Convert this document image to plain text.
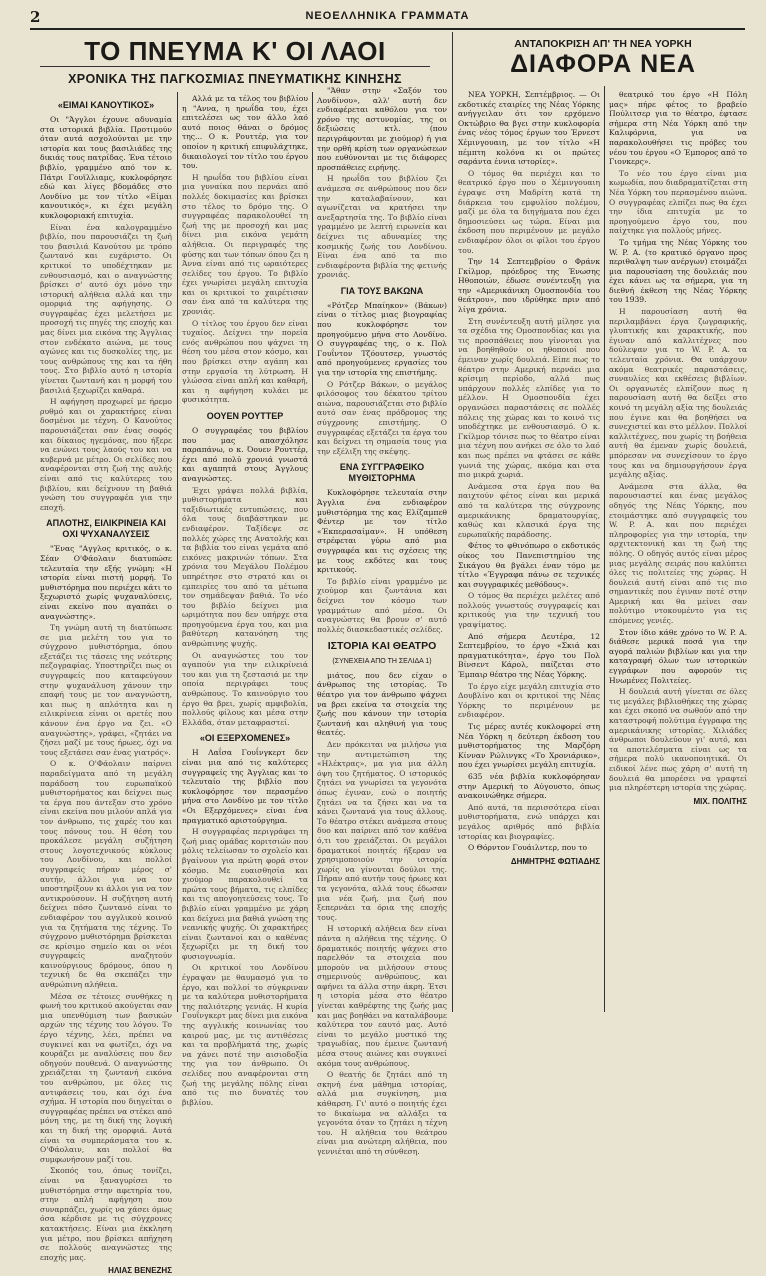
2	ΝΕΟΕΛΛΗΝΙΚΑ ΓΡΑΜΜΑΤΑ
ΤΟ ΠΝΕΥΜΑ Κ' ΟΙ ΛΑΟΙ
ΧΡΟΝΙΚΑ ΤΗΣ ΠΑΓΚΟΣΜΙΑΣ ΠΝΕΥΜΑΤΙΚΗΣ ΚΙΝΗΣΗΣ
ΑΝΤΑΠΟΚΡΙΣΗ ΑΠ' ΤΗ ΝΕΑ ΥΟΡΚΗ
ΔΙΑΦΟΡΑ ΝΕΑ
«ΕΙΜΑΙ ΚΑΝΟΥΤΙΚΟΣ»

Οι "Άγγλοι έχουνε αδυναμία στα ιστορικά βιβλία. Προτιμούν όταν αυτά ασχολούνται με την ιστορία και τους βασιλιάδες της δικιάς τους πατρίδας. Ένα τέτοιο βιβλίο, γραμμένο από τον κ. Πάτρι Γουϊλλιαμς, κυκλοφόρησε εδώ και λίγες βδομάδες στο Λονδίνο με τον τίτλο «Είμαι κανουτικός», κι έχει μεγάλη κυκλοφοριακή επιτυχία.

Είναι ένα καλογραμμένο βιβλίο, που παρουσιάζει τη ζωή του βασιλιά Κανούτου με τρόπο ζωντανό και ευχάριστο. Οι κριτικοί το υποδέχτηκαν με ενθουσιασμό, και ο αναγνώστης βρίσκει σ' αυτό όχι μόνο την ιστορική αλήθεια αλλά και την ομορφιά της αφήγησης. Ο συγγραφέας έχει μελετήσει με προσοχή τις πηγές της εποχής και μας δίνει μια εικόνα της Άγγλιας στον ενδέκατο αιώνα, με τους αγώνες και τις δυσκολίες της, με τους ανθρώπους της και τα ήθη τους. Στο βιβλίο αυτό η ιστορία γίνεται ζωντανή και η μορφή του βασιλιά ξεχωρίζει καθαρά.

Η αφήγηση προχωρεί με ήρεμο ρυθμό και οι χαρακτήρες είναι δοσμένοι με τέχνη. Ο Κανούτος παρουσιάζεται σαν ένας σοφός και δίκαιος ηγεμόνας, που ήξερε να ενώνει τους λαούς του και να κυβερνά με μέτρο. Οι σελίδες που αναφέρονται στη ζωή της αυλής είναι από τις καλύτερες του βιβλίου, και δείχνουν τη βαθιά γνώση του συγγραφέα για την εποχή.

ΑΠΛΟΤΗΣ, ΕΙΛΙΚΡΙΝΕΙΑ ΚΑΙ ΟΧΙ ΨΥΧΑΝΑΛΥΣΕΙΣ

"Ένας "Αγγλος κριτικός, ο κ. Σέαν Ο'Φάολαιν διατυπώσε τελευταία την εξής γνώμη: «Η ιστορία είναι πιστή μορφή. Το μυθιστόρημα που περιέχει κάτι το ξεχωριστό χωρίς ψυχαναλύσεις, είναι εκείνο που αγαπάει ο αναγνώστης».

Τη γνώμη αυτή τη διατύπωσε σε μια μελέτη του για το σύγχρονο μυθιστόρημα, όπου εξετάζει τις τάσεις της νεότερης πεζογραφίας. Υποστηρίζει πως οι συγγραφείς που καταφεύγουν στην ψυχανάλυση χάνουν την επαφή τους με τον αναγνώστη, και πως η απλότητα και η ειλικρίνεια είναι οι αρετές που κάνουν ένα έργο να ζει. «Ο αναγνώστης», γράφει, «ζητάει να ζήσει μαζί με τους ήρωες, όχι να τους εξετάσει σαν ένας γιατρός».

Ο κ. Ο'Φάολαιν παίρνει παραδείγματα από τη μεγάλη παράδοση του ευρωπαϊκού μυθιστορήματος και δείχνει πως τα έργα που άντεξαν στο χρόνο είναι εκείνα που μιλούν απλά για τον άνθρωπο, τις χαρές του και τους πόνους του. Η θέση του προκάλεσε μεγάλη συζήτηση στους λογοτεχνικούς κύκλους του Λονδίνου, και πολλοί συγγραφείς πήραν μέρος σ' αυτήν, άλλοι για να τον υποστηρίξουν κι άλλοι για να τον αντικρούσουν. Η συζήτηση αυτή δείχνει πόσο ζωντανό είναι το ενδιαφέρον του αγγλικού κοινού για τα ζητήματα της τέχνης. Το σύγχρονο μυθιστόρημα βρίσκεται σε κρίσιμο σημείο και οι νέοι συγγραφείς αναζητούν καινούργιους δρόμους, όπου η τεχνική δε θα σκεπάζει την ανθρώπινη αλήθεια.

Μέσα σε τέτοιες συνθήκες η φωνή του κριτικού ακούγεται σαν μια υπενθύμιση των βασικών αρχών της τέχνης του λόγου. Το έργο τέχνης, λέει, πρέπει να συγκινεί και να φωτίζει, όχι να κουράζει με αναλύσεις που δεν οδηγούν πουθενά. Ο αναγνώστης χρειάζεται τη ζωντανή εικόνα του ανθρώπου, με όλες τις αντιφάσεις του, και όχι ένα σχήμα. Η ιστορία που διηγείται ο συγγραφέας πρέπει να στέκει από μόνη της, με τη δική της λογική και τη δική της ομορφιά. Αυτά είναι τα συμπεράσματα του κ. Ο'Φάολαιν, και πολλοί θα συμφωνήσουν μαζί του.

Σκοπός του, όπως τονίζει, είναι να ξαναγυρίσει το μυθιστόρημα στην αφετηρία του, στην απλή αφήγηση που συναρπάζει, χωρίς να χάσει όμως όσα κέρδισε με τις σύγχρονες κατακτήσεις. Είναι μια έκκληση για μέτρο, που βρίσκει απήχηση σε πολλούς αναγνώστες της εποχής μας.

ΗΛΙΑΣ ΒΕΝΕΖΗΣ

Αλλά με τα τέλος του βιβλίου η "Αννα, η ηρωΐδα του, έχει επιτελέσει ως τον άλλο λαό αυτό ποιος θάναι ο δρόμος της... Ο κ. Ρουττέρ, για τον οποίον η κριτική επιφυλάχτηκε, δικαιολογεί τον τίτλο του έργου του.

Η ηρωΐδα του βιβλίου είναι μια γυναίκα που περνάει από πολλές δοκιμασίες και βρίσκει στο τέλος το δρόμο της. Ο συγγραφέας παρακολουθεί τη ζωή της με προσοχή και μας δίνει μια εικόνα γεμάτη αλήθεια. Οι περιγραφές της φύσης και των τόπων όπου ζει η Άννα είναι από τις ωραιότερες σελίδες του έργου. Το βιβλίο έχει γνωρίσει μεγάλη επιτυχία και οι κριτικοί το χαιρέτισαν σαν ένα από τα καλύτερα της χρονιάς.

Ο τίτλος του έργου δεν είναι τυχαίος. Δείχνει την πορεία ενός ανθρώπου που ψάχνει τη θέση του μέσα στον κόσμο, και που βρίσκει στην αγάπη και στην εργασία τη λύτρωση. Η γλώσσα είναι απλή και καθαρή, και η αφήγηση κυλάει με φυσικότητα.

ΟΟΥΕΝ ΡΟΥΤΤΕΡ

Ο συγγραφέας του βιβλίου που μας απασχόλησε παραπάνω, ο κ. Όουεν Ρουττέρ, έχει από πολύ χρονιά γνωστά και αγαπητά στους Άγγλους αναγνώστες.

Έχει γράψει πολλά βιβλία, μυθιστορήματα και ταξιδιωτικές εντυπώσεις, που όλα τους διαβάστηκαν με ενδιαφέρον. Ταξίδεψε σε πολλές χώρες της Ανατολής και τα βιβλία του είναι γεμάτα από εικόνες μακρινών τόπων. Στα χρόνια του Μεγάλου Πολέμου υπηρέτησε στο στρατό και οι εμπειρίες του από τα μέτωπα τον σημάδεψαν βαθιά. Το νέο του βιβλίο δείχνει μια ωριμότητα που δεν υπήρχε στα προηγούμενα έργα του, και μια βαθύτερη κατανόηση της ανθρώπινης ψυχής.

Οι αναγνώστες του τον αγαπούν για την ειλικρίνειά του και για τη ζεστασιά με την οποία περιγράφει τους ανθρώπους. Το καινούργιο του έργο θα βρει, χωρίς αμφιβολία, πολλούς φίλους και μέσα στην Ελλάδα, όταν μεταφραστεί.

«ΟΙ ΕΞΕΡΧΟΜΕΝΕΣ»

Η Λαΐσα Γουΐνγκερτ δεν είναι μια από τις καλύτερες συγγραφείς της Άγγλιας και το τελευταίο της βιβλίο που κυκλοφόρησε τον περασμένο μήνα στο Λονδίνο με τον τίτλο «Οι Εξερχόμενες» είναι ένα πραγματικό αριστούργημα.

Η συγγραφέας περιγράφει τη ζωή μιας ομάδας κοριτσιών που μόλις τελείωσαν το σχολείο και βγαίνουν για πρώτη φορά στον κόσμο. Με ευαισθησία και χιούμορ παρακολουθεί τα πρώτα τους βήματα, τις ελπίδες και τις απογοητεύσεις τους. Το βιβλίο είναι γραμμένο με χάρη και δείχνει μια βαθιά γνώση της νεανικής ψυχής. Οι χαρακτήρες είναι ζωντανοί και ο καθένας ξεχωρίζει με τη δική του φυσιογνωμία.

Οι κριτικοί του Λονδίνου έγραψαν με θαυμασμό για το έργο, και πολλοί το σύγκριναν με τα καλύτερα μυθιστορήματα της παλιότερης γενιάς. Η κυρία Γουΐνγκερτ μας δίνει μια εικόνα της αγγλικής κοινωνίας του καιρού μας, με τις αντιθέσεις και τα προβλήματά της, χωρίς να χάνει ποτέ την αισιοδοξία της για τον άνθρωπο. Οι σελίδες που αναφέρονται στη ζωή της μεγάλης πόλης είναι από τις πιο δυνατές του βιβλίου.

"Άθαν στην «Σαξόν του Λονδίνου», αλλ' αυτή δεν ενδιαφέρεται καθόλου για τον χρόνο της αστυνομίας, της οι δεξιώσεις κτλ. (που περιγράφονται με χιούμορ) ή για την ορθή κρίση των οργανώσεων που ευθύνονται με τις διάφορες προσπάθειες ειρήνης.

Η ηρωΐδα του βιβλίου ζει ανάμεσα σε ανθρώπους που δεν την καταλαβαίνουν, και αγωνίζεται να κρατήσει την ανεξαρτησία της. Το βιβλίο είναι γραμμένο με λεπτή ειρωνεία και δείχνει τις αδυναμίες της κοσμικής ζωής του Λονδίνου. Είναι ένα από τα πιο ενδιαφέροντα βιβλία της φετινής χρονιάς.

ΓΙΑ ΤΟΥΣ ΒΑΚΩΝΑ

«Ρότζερ Μπαίηκον» (Βάκων) είναι ο τίτλος μιας βιογραφίας που κυκλοφόρησε τον προηγούμενο μήνα στο Λονδίνο. Ο συγγραφέας της, ο κ. Πολ Γουΐντον Τζόουτσερ, γνωστός από προηγούμενες εργασίες του για την ιστορία της επιστήμης.

Ο Ρότζερ Βάκων, ο μεγάλος φιλόσοφος του δέκατου τρίτου αιώνα, παρουσιάζεται στο βιβλίο αυτό σαν ένας πρόδρομος της σύγχρονης επιστήμης. Ο συγγραφέας εξετάζει τα έργα του και δείχνει τη σημασία τους για την εξέλιξη της σκέψης.

ΕΝΑ ΣΥΓΓΡΑΦΕΙΚΟ ΜΥΘΙΣΤΟΡΗΜΑ

Κυκλοφόρησε τελευταία στην Άγγλια ένα ενδιαφέρον μυθιστόρημα της κας Ελίζαμπεθ Φέντερ με τον τίτλο «Έκπερασαίμαν». Η υπόθεση στρέφεται γύρω από μια συγγραφέα και τις σχέσεις της με τους εκδότες και τους κριτικούς.

Το βιβλίο είναι γραμμένο με χιούμορ και ζωντάνια και δείχνει τον κόσμο των γραμμάτων από μέσα. Οι αναγνώστες θα βρουν σ' αυτό πολλές διασκεδαστικές σελίδες.

ΙΣΤΟΡΙΑ ΚΑΙ ΘΕΑΤΡΟ
(ΣΥΝΕΧΕΙΑ ΑΠΟ ΤΗ ΣΕΛΙΔΑ 1)

μιάτος, που δεν είχαν ο άνθρωπος της ιστορίας. Το θέατρο για τον άνθρωπο ψάχνει να βρει εκείνα τα στοιχεία της ζωής που κάνουν την ιστορία ζωντανή και αληθινή για τους θεατές.

Δεν πρόκειται να μιλήσω για την αντιμετώπιση της «Ηλέκτρας», μα για μια άλλη όψη του ζητήματος. Ο ιστορικός ζητάει να γνωρίσει τα γεγονότα όπως έγιναν, ενώ ο ποιητής ζητάει να τα ζήσει και να τα κάνει ζωντανά για τους άλλους. Το θέατρο στέκει ανάμεσα στους δυο και παίρνει από τον καθένα ό,τι του χρειάζεται. Οι μεγάλοι δραματικοί ποιητές ήξεραν να χρησιμοποιούν την ιστορία χωρίς να γίνονται δούλοι της. Πήραν από αυτήν τους ήρωες και τα γεγονότα, αλλά τους έδωσαν μια νέα ζωή, μια ζωή που ξεπερνάει τα όρια της εποχής τους.

Η ιστορική αλήθεια δεν είναι πάντα η αλήθεια της τέχνης. Ο δραματικός ποιητής ψάχνει στο παρελθόν τα στοιχεία που μπορούν να μιλήσουν στους σημερινούς ανθρώπους, και αφήνει τα άλλα στην άκρη. Έτσι η ιστορία μέσα στο θέατρο γίνεται καθρέφτης της ζωής μας και μας βοηθάει να καταλάβουμε καλύτερα τον εαυτό μας. Αυτό είναι το μεγάλο μυστικό της τραγωδίας, που έμεινε ζωντανή μέσα στους αιώνες και συγκινεί ακόμα τους ανθρώπους.

Ο θεατής δε ζητάει από τη σκηνή ένα μάθημα ιστορίας, αλλά μια συγκίνηση, μια κάθαρση. Γι' αυτό ο ποιητής έχει το δικαίωμα να αλλάξει τα γεγονότα όταν το ζητάει η τέχνη του. Η αλήθεια του θεάτρου είναι μια ανώτερη αλήθεια, που γεννιέται από τη σύνθεση.

ΝΕΑ ΥΟΡΚΗ, Σεπτέμβριος. — Οι εκδοτικές εταιρίες της Νέας Υόρκης ανήγγειλαν ότι τον ερχόμενο Οκτώβριο θα βγει στην κυκλοφορία ένας νέος τόμος έργων του Έρνεστ Χέμινγουαιη, με τον τίτλο «Η πέμπτη κολόνα κι οι πρώτες σαράντα έννια ιστορίες».

Ο τόμος θα περιέχει και το θεατρικό έργο που ο Χέμινγουαιη έγραψε στη Μαδρίτη κατά τη διάρκεια του εμφυλίου πολέμου, μαζί με όλα τα διηγήματα που έχει δημοσιεύσει ως τώρα. Είναι μια έκδοση που περιμένουν με μεγάλο ενδιαφέρον όλοι οι φίλοι του έργου του.

Την 14 Σεπτεμβρίου ο Φράνκ Γκίλμορ, πρόεδρος της Ένωσης Ηθοποιών, έδωσε συνέντευξη για την «Αμερικάνικη Ομοσπονδία του θεάτρου», που ιδρύθηκε πριν από λίγα χρόνια.

Στη συνέντευξη αυτή μίλησε για τα σχέδια της Ομοσπονδίας και για τις προσπάθειες που γίνονται για να βοηθηθούν οι ηθοποιοί που έμειναν χωρίς δουλειά. Είπε πως το θέατρο στην Αμερική περνάει μια κρίσιμη περίοδο, αλλά πως υπάρχουν πολλές ελπίδες για το μέλλον. Η Ομοσπονδία έχει οργανώσει παραστάσεις σε πολλές πόλεις της χώρας και το κοινό τις υποδέχτηκε με ενθουσιασμό. Ο κ. Γκίλμορ τόνισε πως το θέατρο είναι μια τέχνη που ανήκει σε όλο το λαό και πως πρέπει να φτάσει σε κάθε γωνιά της χώρας, ακόμα και στα πιο μικρά χωριά.

Ανάμεσα στα έργα που θα παιχτούν φέτος είναι και μερικά από τα καλύτερα της σύγχρονης αμερικάνικης δραματουργίας, καθώς και κλασικά έργα της ευρωπαϊκής παράδοσης.

Φέτος το φθινόπωρο ο εκδοτικός οίκος του Πανεπιστημίου της Σικάγου θα βγάλει έναν τόμο με τίτλο «Έγγραφα πάνω σε τεχνικές και συγγραφικές μεθόδους».

Ο τόμος θα περιέχει μελέτες από πολλούς γνωστούς συγγραφείς και κριτικούς για την τεχνική του γραψίματος.

Από σήμερα Δευτέρα, 12 Σεπτεμβρίου, το έργο «Σκιά και πραγματικότητα», έργο του Πολ Βίνσεντ Κάρολ, παίζεται στο Έμπαιρ θέατρο της Νέας Υόρκης.

Το έργο είχε μεγάλη επιτυχία στο Δουβλίνο και οι κριτικοί της Νέας Υόρκης το περιμένουν με ενδιαφέρον.

Τις μέρες αυτές κυκλοφορεί στη Νέα Υόρκη η δεύτερη έκδοση του μυθιστορήματος της Μαρζόρη Κίνναν Ρώλινγκς «Το Χρονιάρικο», που έχει γνωρίσει μεγάλη επιτυχία.

635 νέα βιβλία κυκλοφόρησαν στην Αμερική το Αύγουστο, όπως ανακοινώθηκε σήμερα.

Από αυτά, τα περισσότερα είναι μυθιστορήματα, ενώ υπάρχει και μεγάλος αριθμός από βιβλία ιστορίας και βιογραφίες.

Ο Θόρντον Γουάιλντερ, που το

ΔΗΜΗΤΡΗΣ ΦΩΤΙΑΔΗΣ

θεατρικό του έργο «Η Πόλη μας» πήρε φέτος το βραβείο Πούλιτσερ για το θέατρο, έφτασε σήμερα στη Νέα Υόρκη από την Καλιφόρνια, για να παρακολουθήσει τις πρόβες του νέου του έργου «Ο Έμπορος από το Γιονκερς».

Το νέο του έργο είναι μια κωμωδία, που διαδραματίζεται στη Νέα Υόρκη του περασμένου αιώνα. Ο συγγραφέας ελπίζει πως θα έχει την ίδια επιτυχία με το προηγούμενο έργο του, που παίχτηκε για πολλούς μήνες.

Το τμήμα της Νέας Υόρκης του W. P. A. (το κρατικό όργανο προς περιθαλψη των ανέργων) ετοιμάζει μια παρουσίαση της δουλειάς που έχει κάνει ως τα σήμερα, για τη διεθνή έκθεση της Νέας Υόρκης του 1939.

Η παρουσίαση αυτή θα περιλαμβάνει έργα ζωγραφικής, γλυπτικής και χαρακτικής, που έγιναν από καλλιτέχνες που δούλεψαν για το W. P. A. τα τελευταία χρόνια. Θα υπάρχουν ακόμα θεατρικές παραστάσεις, συναυλίες και εκθέσεις βιβλίων. Οι οργανωτές ελπίζουν πως η παρουσίαση αυτή θα δείξει στο κοινό τη μεγάλη αξία της δουλειάς που έγινε και θα βοηθήσει να συνεχιστεί και στο μέλλον. Πολλοί καλλιτέχνες, που χωρίς τη βοήθεια αυτή θα έμεναν χωρίς δουλειά, μπόρεσαν να συνεχίσουν το έργο τους και να δημιουργήσουν έργα μεγάλης αξίας.

Ανάμεσα στα άλλα, θα παρουσιαστεί και ένας μεγάλος οδηγός της Νέας Υόρκης, που ετοιμάστηκε από συγγραφείς του W. P. A. και που περιέχει πληροφορίες για την ιστορία, την αρχιτεκτονική και τη ζωή της πόλης. Ο οδηγός αυτός είναι μέρος μιας μεγάλης σειράς που καλύπτει όλες τις πολιτείες της χώρας. Η δουλειά αυτή είναι από τις πιο σημαντικές που έγιναν ποτέ στην Αμερική και θα μείνει σαν πολύτιμο ντοκουμέντο για τις επόμενες γενιές.

Στον ίδιο κάθε χρόνο το W. P. A. διάθεσε μερικά ποσά για την αγορά παλιών βιβλίων και για την καταγραφή όλων των ιστορικών εγγράφων που αφορούν τις Ηνωμένες Πολιτείες.

Η δουλειά αυτή γίνεται σε όλες τις μεγάλες βιβλιοθήκες της χώρας και έχει σκοπό να σωθούν από την καταστροφή πολύτιμα έγγραφα της αμερικάνικης ιστορίας. Χιλιάδες άνθρωποι δουλεύουν γι' αυτό, και τα αποτελέσματα είναι ως τα σήμερα πολύ ικανοποιητικά. Οι ειδικοί λένε πως χάρη σ' αυτή τη δουλειά θα μπορέσει να γραφτεί μια πληρέστερη ιστορία της χώρας.

ΜΙΧ. ΠΟΛΙΤΗΣ
